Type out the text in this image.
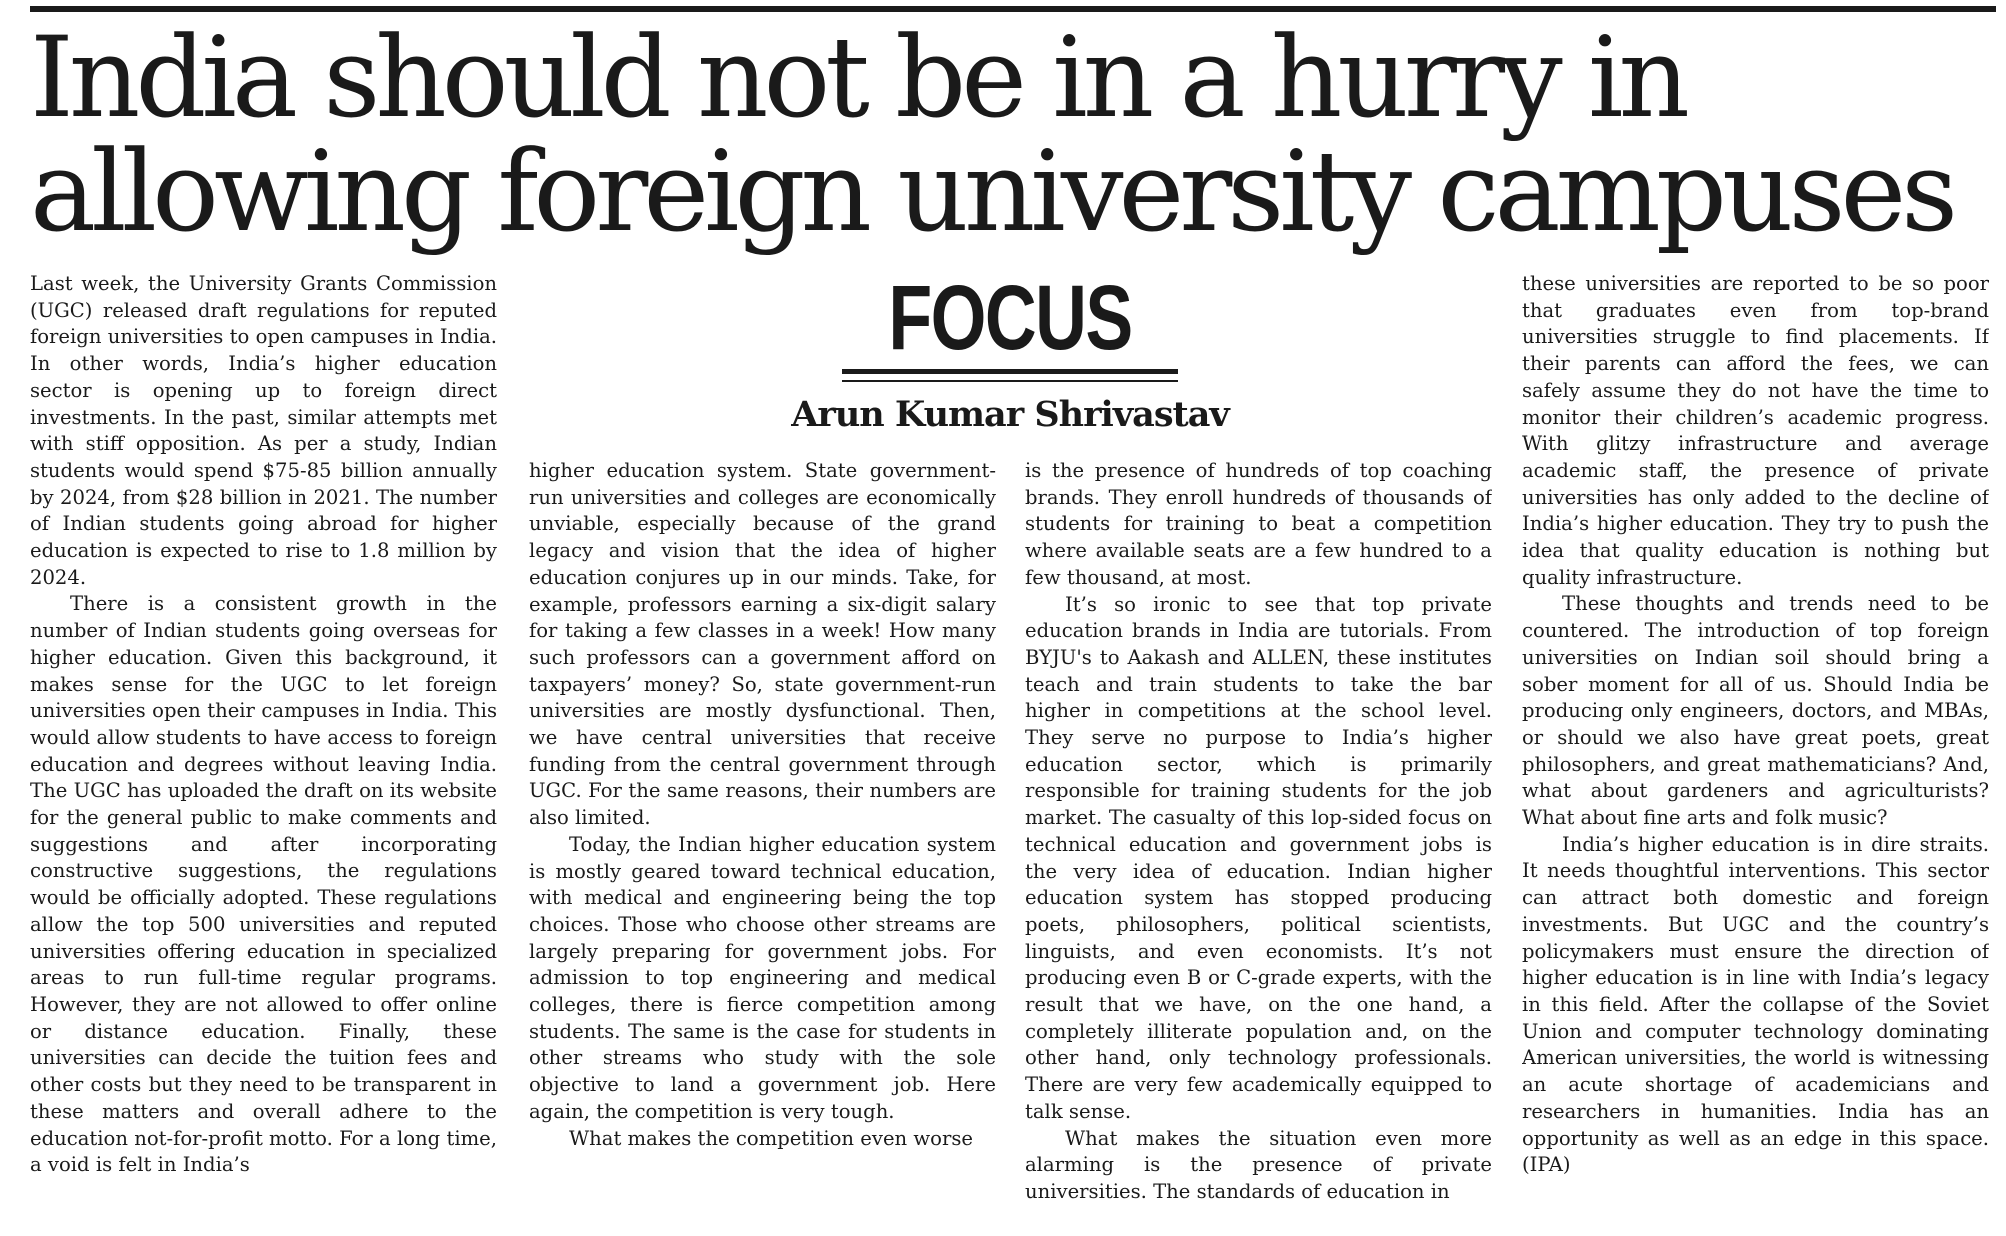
India should not be in a hurry in
allowing foreign university campuses

Last week, the University Grants Commission (UGC) released draft regulations for reputed foreign universities to open campuses in India. In other words, India’s higher education sector is opening up to foreign direct investments. In the past, similar attempts met with stiff opposition. As per a study, Indian students would spend $75-85 billion annually by 2024, from $28 billion in 2021. The number of Indian students going abroad for higher education is expected to rise to 1.8 million by 2024.

There is a consistent growth in the number of Indian students going overseas for higher education. Given this background, it makes sense for the UGC to let foreign universities open their campuses in India. This would allow students to have access to foreign education and degrees without leaving India. The UGC has uploaded the draft on its website for the general public to make comments and suggestions and after incorporating constructive suggestions, the regulations would be officially adopted. These regulations allow the top 500 universities and reputed universities offering education in specialized areas to run full-time regular programs. However, they are not allowed to offer online or distance education. Finally, these universities can decide the tuition fees and other costs but they need to be transparent in these matters and overall adhere to the education not-for-profit motto. For a long time, a void is felt in India’s

FOCUS
Arun Kumar Shrivastav

higher education system. State government-run universities and colleges are economically unviable, especially because of the grand legacy and vision that the idea of higher education conjures up in our minds. Take, for example, professors earning a six-digit salary for taking a few classes in a week! How many such professors can a government afford on taxpayers’ money? So, state government-run universities are mostly dysfunctional. Then, we have central universities that receive funding from the central government through UGC. For the same reasons, their numbers are also limited.

Today, the Indian higher education system is mostly geared toward technical education, with medical and engineering being the top choices. Those who choose other streams are largely preparing for government jobs. For admission to top engineering and medical colleges, there is fierce competition among students. The same is the case for students in other streams who study with the sole objective to land a government job. Here again, the competition is very tough.

What makes the competition even worse

is the presence of hundreds of top coaching brands. They enroll hundreds of thousands of students for training to beat a competition where available seats are a few hundred to a few thousand, at most.

It’s so ironic to see that top private education brands in India are tutorials. From BYJU's to Aakash and ALLEN, these institutes teach and train students to take the bar higher in competitions at the school level. They serve no purpose to India’s higher education sector, which is primarily responsible for training students for the job market. The casualty of this lop-sided focus on technical education and government jobs is the very idea of education. Indian higher education system has stopped producing poets, philosophers, political scientists, linguists, and even economists. It’s not producing even B or C-grade experts, with the result that we have, on the one hand, a completely illiterate population and, on the other hand, only technology professionals. There are very few academically equipped to talk sense.

What makes the situation even more alarming is the presence of private universities. The standards of education in

these universities are reported to be so poor that graduates even from top-brand universities struggle to find placements. If their parents can afford the fees, we can safely assume they do not have the time to monitor their children’s academic progress. With glitzy infrastructure and average academic staff, the presence of private universities has only added to the decline of India’s higher education. They try to push the idea that quality education is nothing but quality infrastructure.

These thoughts and trends need to be countered. The introduction of top foreign universities on Indian soil should bring a sober moment for all of us. Should India be producing only engineers, doctors, and MBAs, or should we also have great poets, great philosophers, and great mathematicians? And, what about gardeners and agriculturists? What about fine arts and folk music?

India’s higher education is in dire straits. It needs thoughtful interventions. This sector can attract both domestic and foreign investments. But UGC and the country’s policymakers must ensure the direction of higher education is in line with India’s legacy in this field. After the collapse of the Soviet Union and computer technology dominating American universities, the world is witnessing an acute shortage of academicians and researchers in humanities. India has an opportunity as well as an edge in this space. (IPA)
